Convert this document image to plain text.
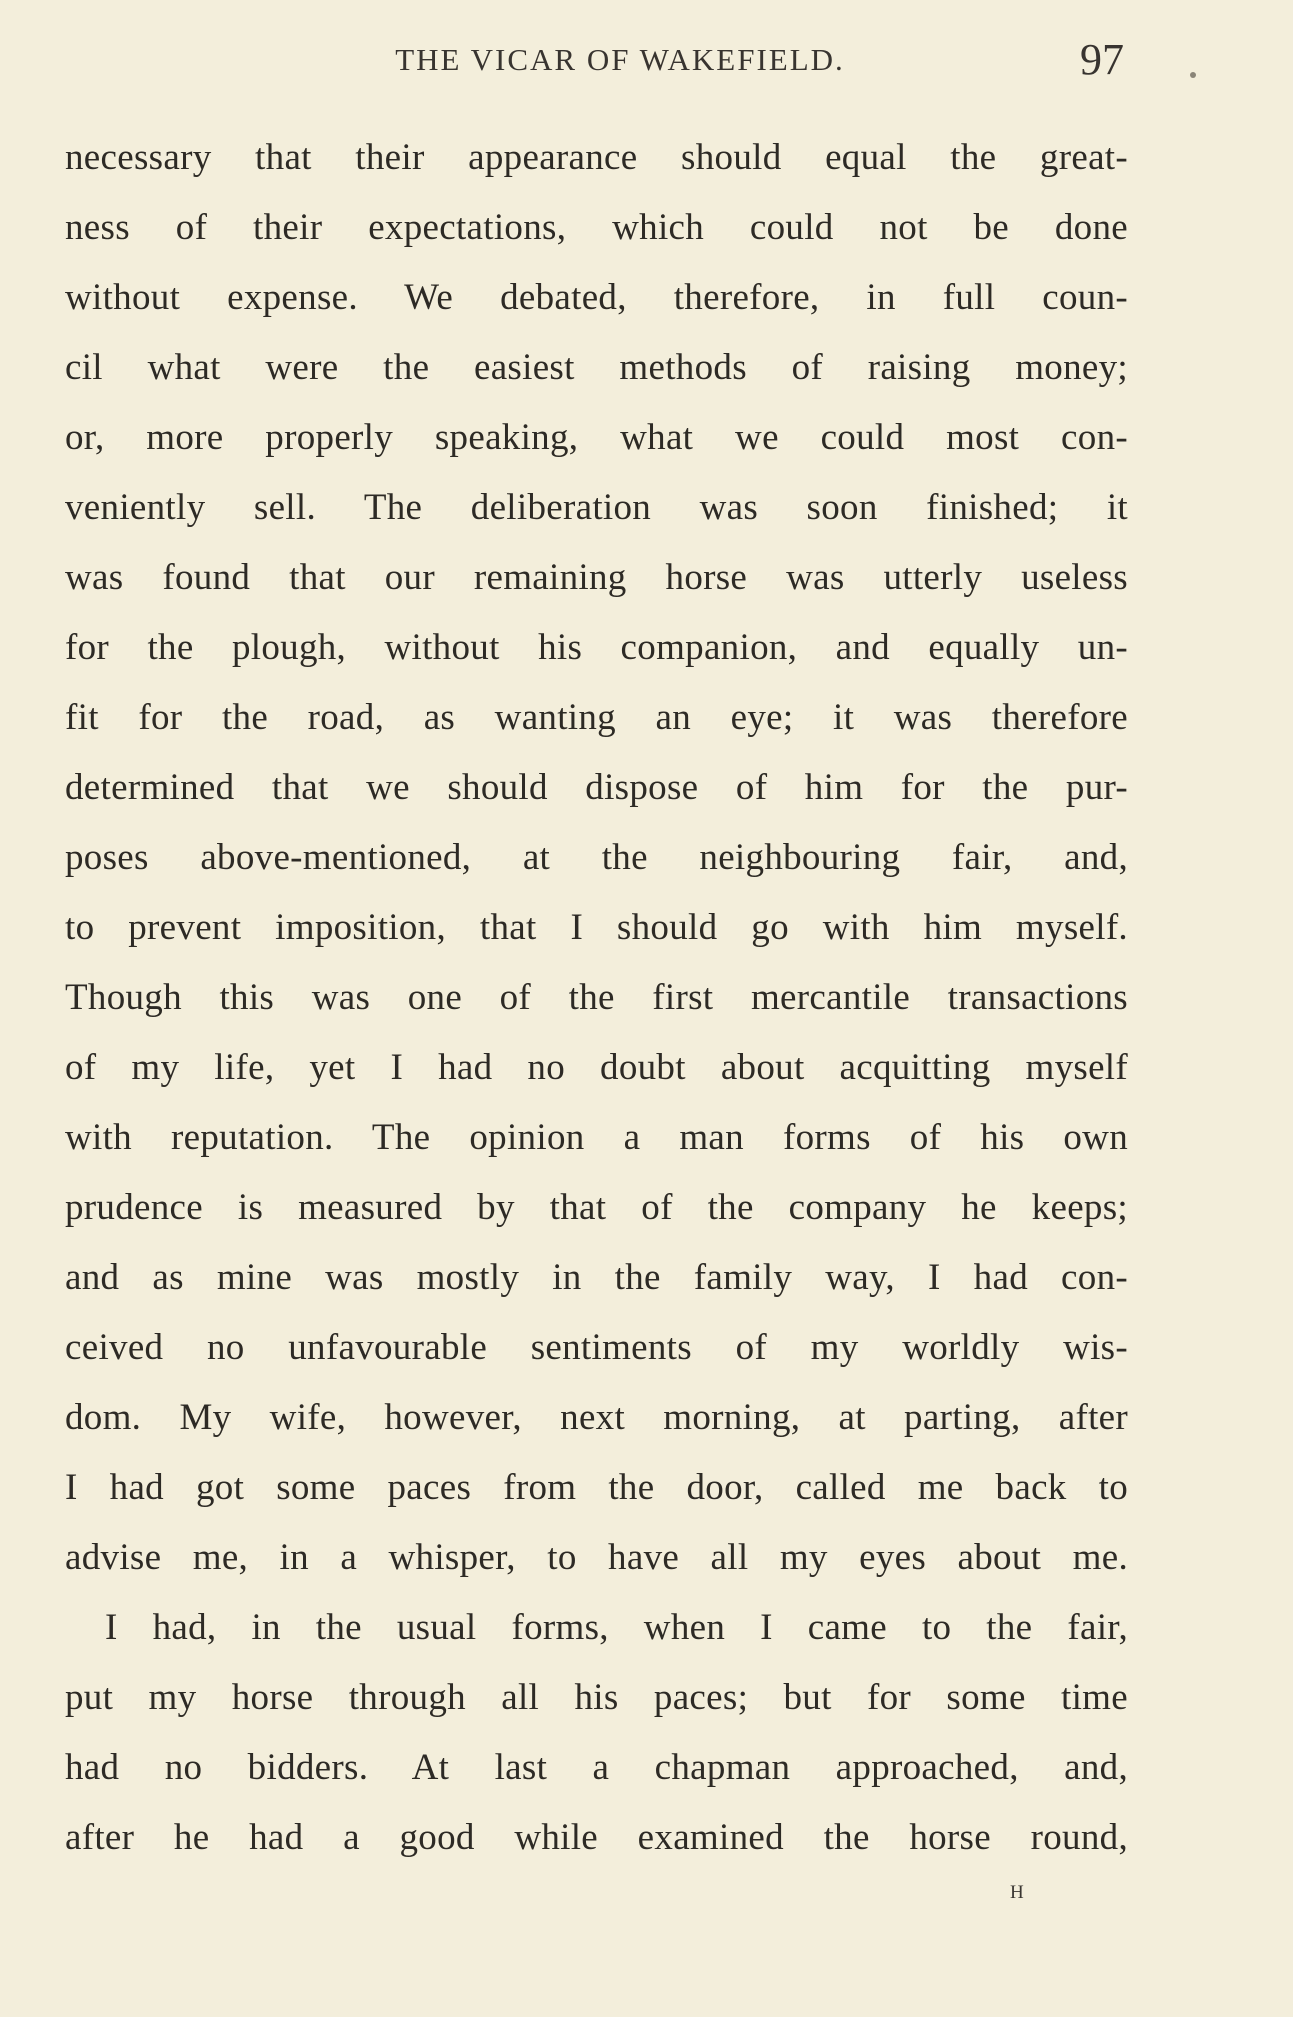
THE VICAR OF WAKEFIELD.	97
necessary that their appearance should equal the great-
ness of their expectations, which could not be done
without expense. We debated, therefore, in full coun-
cil what were the easiest methods of raising money;
or, more properly speaking, what we could most con-
veniently sell. The deliberation was soon finished; it
was found that our remaining horse was utterly useless
for the plough, without his companion, and equally un-
fit for the road, as wanting an eye; it was therefore
determined that we should dispose of him for the pur-
poses above-mentioned, at the neighbouring fair, and,
to prevent imposition, that I should go with him myself.
Though this was one of the first mercantile transactions
of my life, yet I had no doubt about acquitting myself
with reputation. The opinion a man forms of his own
prudence is measured by that of the company he keeps;
and as mine was mostly in the family way, I had con-
ceived no unfavourable sentiments of my worldly wis-
dom. My wife, however, next morning, at parting, after
I had got some paces from the door, called me back to
advise me, in a whisper, to have all my eyes about me.
I had, in the usual forms, when I came to the fair,
put my horse through all his paces; but for some time
had no bidders. At last a chapman approached, and,
after he had a good while examined the horse round,
H
